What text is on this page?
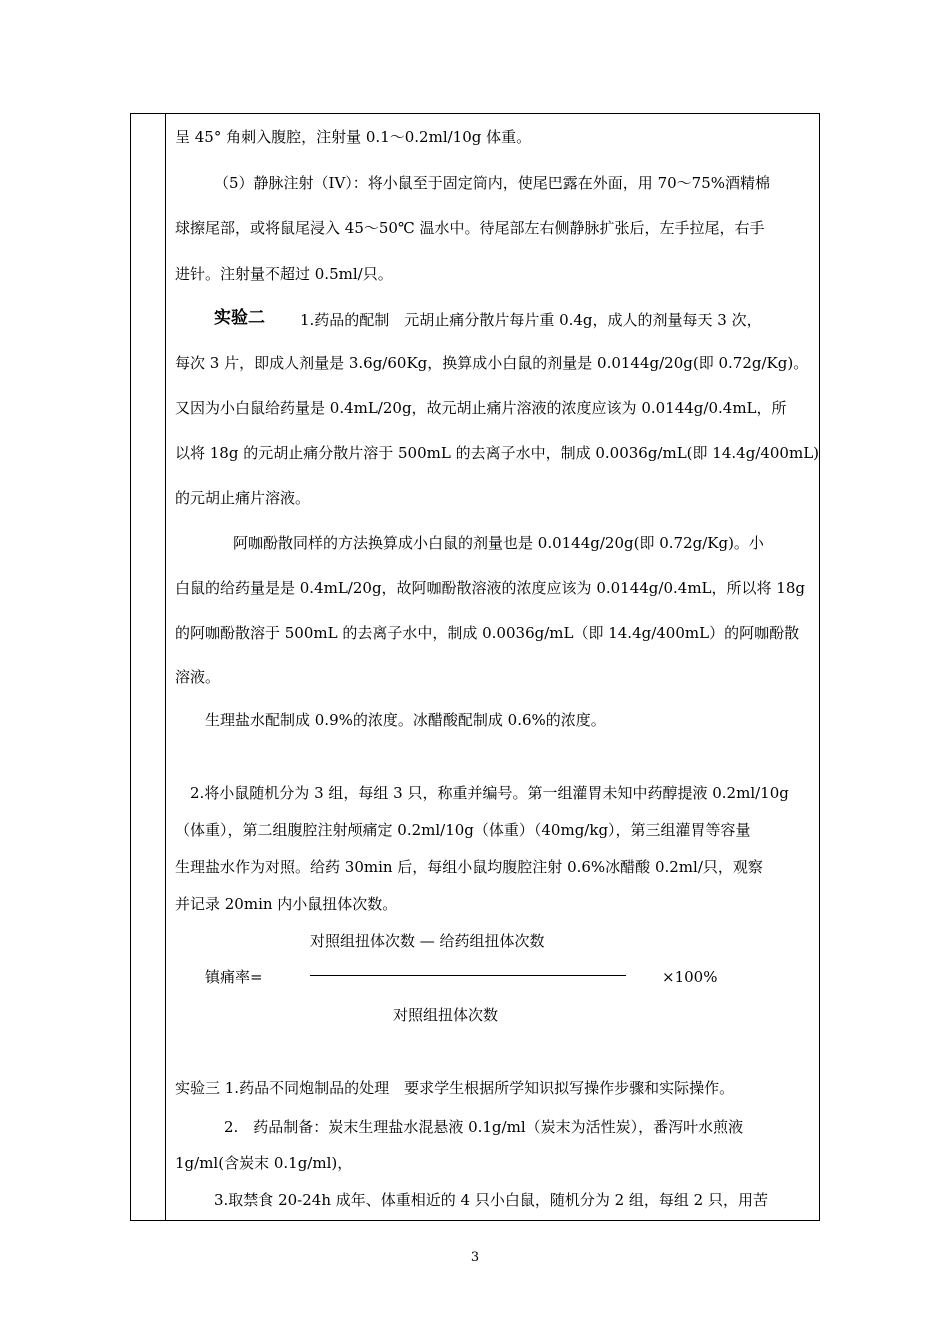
呈 45° 角刺入腹腔，注射量 0.1～0.2ml/10g 体重。
（5）静脉注射（IV）：将小鼠至于固定筒内，使尾巴露在外面，用 70～75%酒精棉
球擦尾部，或将鼠尾浸入 45～50℃ 温水中。待尾部左右侧静脉扩张后，左手拉尾，右手
进针。注射量不超过 0.5ml/只。
实验二 1.药品的配制　元胡止痛分散片每片重 0.4g，成人的剂量每天 3 次，
每次 3 片，即成人剂量是 3.6g/60Kg，换算成小白鼠的剂量是 0.0144g/20g(即 0.72g/Kg)。
又因为小白鼠给药量是 0.4mL/20g，故元胡止痛片溶液的浓度应该为 0.0144g/0.4mL，所
以将 18g 的元胡止痛分散片溶于 500mL 的去离子水中，制成 0.0036g/mL(即 14.4g/400mL)
的元胡止痛片溶液。
阿咖酚散同样的方法换算成小白鼠的剂量也是 0.0144g/20g(即 0.72g/Kg)。小
白鼠的给药量是是 0.4mL/20g，故阿咖酚散溶液的浓度应该为 0.0144g/0.4mL，所以将 18g
的阿咖酚散溶于 500mL 的去离子水中，制成 0.0036g/mL（即 14.4g/400mL）的阿咖酚散
溶液。
生理盐水配制成 0.9%的浓度。冰醋酸配制成 0.6%的浓度。
2.将小鼠随机分为 3 组，每组 3 只，称重并编号。第一组灌胃未知中药醇提液 0.2ml/10g
（体重），第二组腹腔注射颅痛定 0.2ml/10g（体重）（40mg/kg），第三组灌胃等容量
生理盐水作为对照。给药 30min 后，每组小鼠均腹腔注射 0.6%冰醋酸 0.2ml/只，观察
并记录 20min 内小鼠扭体次数。
对照组扭体次数 — 给药组扭体次数
镇痛率=	×100%
对照组扭体次数
实验三 1.药品不同炮制品的处理　要求学生根据所学知识拟写操作步骤和实际操作。
2.　药品制备：炭末生理盐水混悬液 0.1g/ml（炭末为活性炭），番泻叶水煎液
1g/ml(含炭末 0.1g/ml)，
3.取禁食 20-24h 成年、体重相近的 4 只小白鼠，随机分为 2 组，每组 2 只，用苦
3
